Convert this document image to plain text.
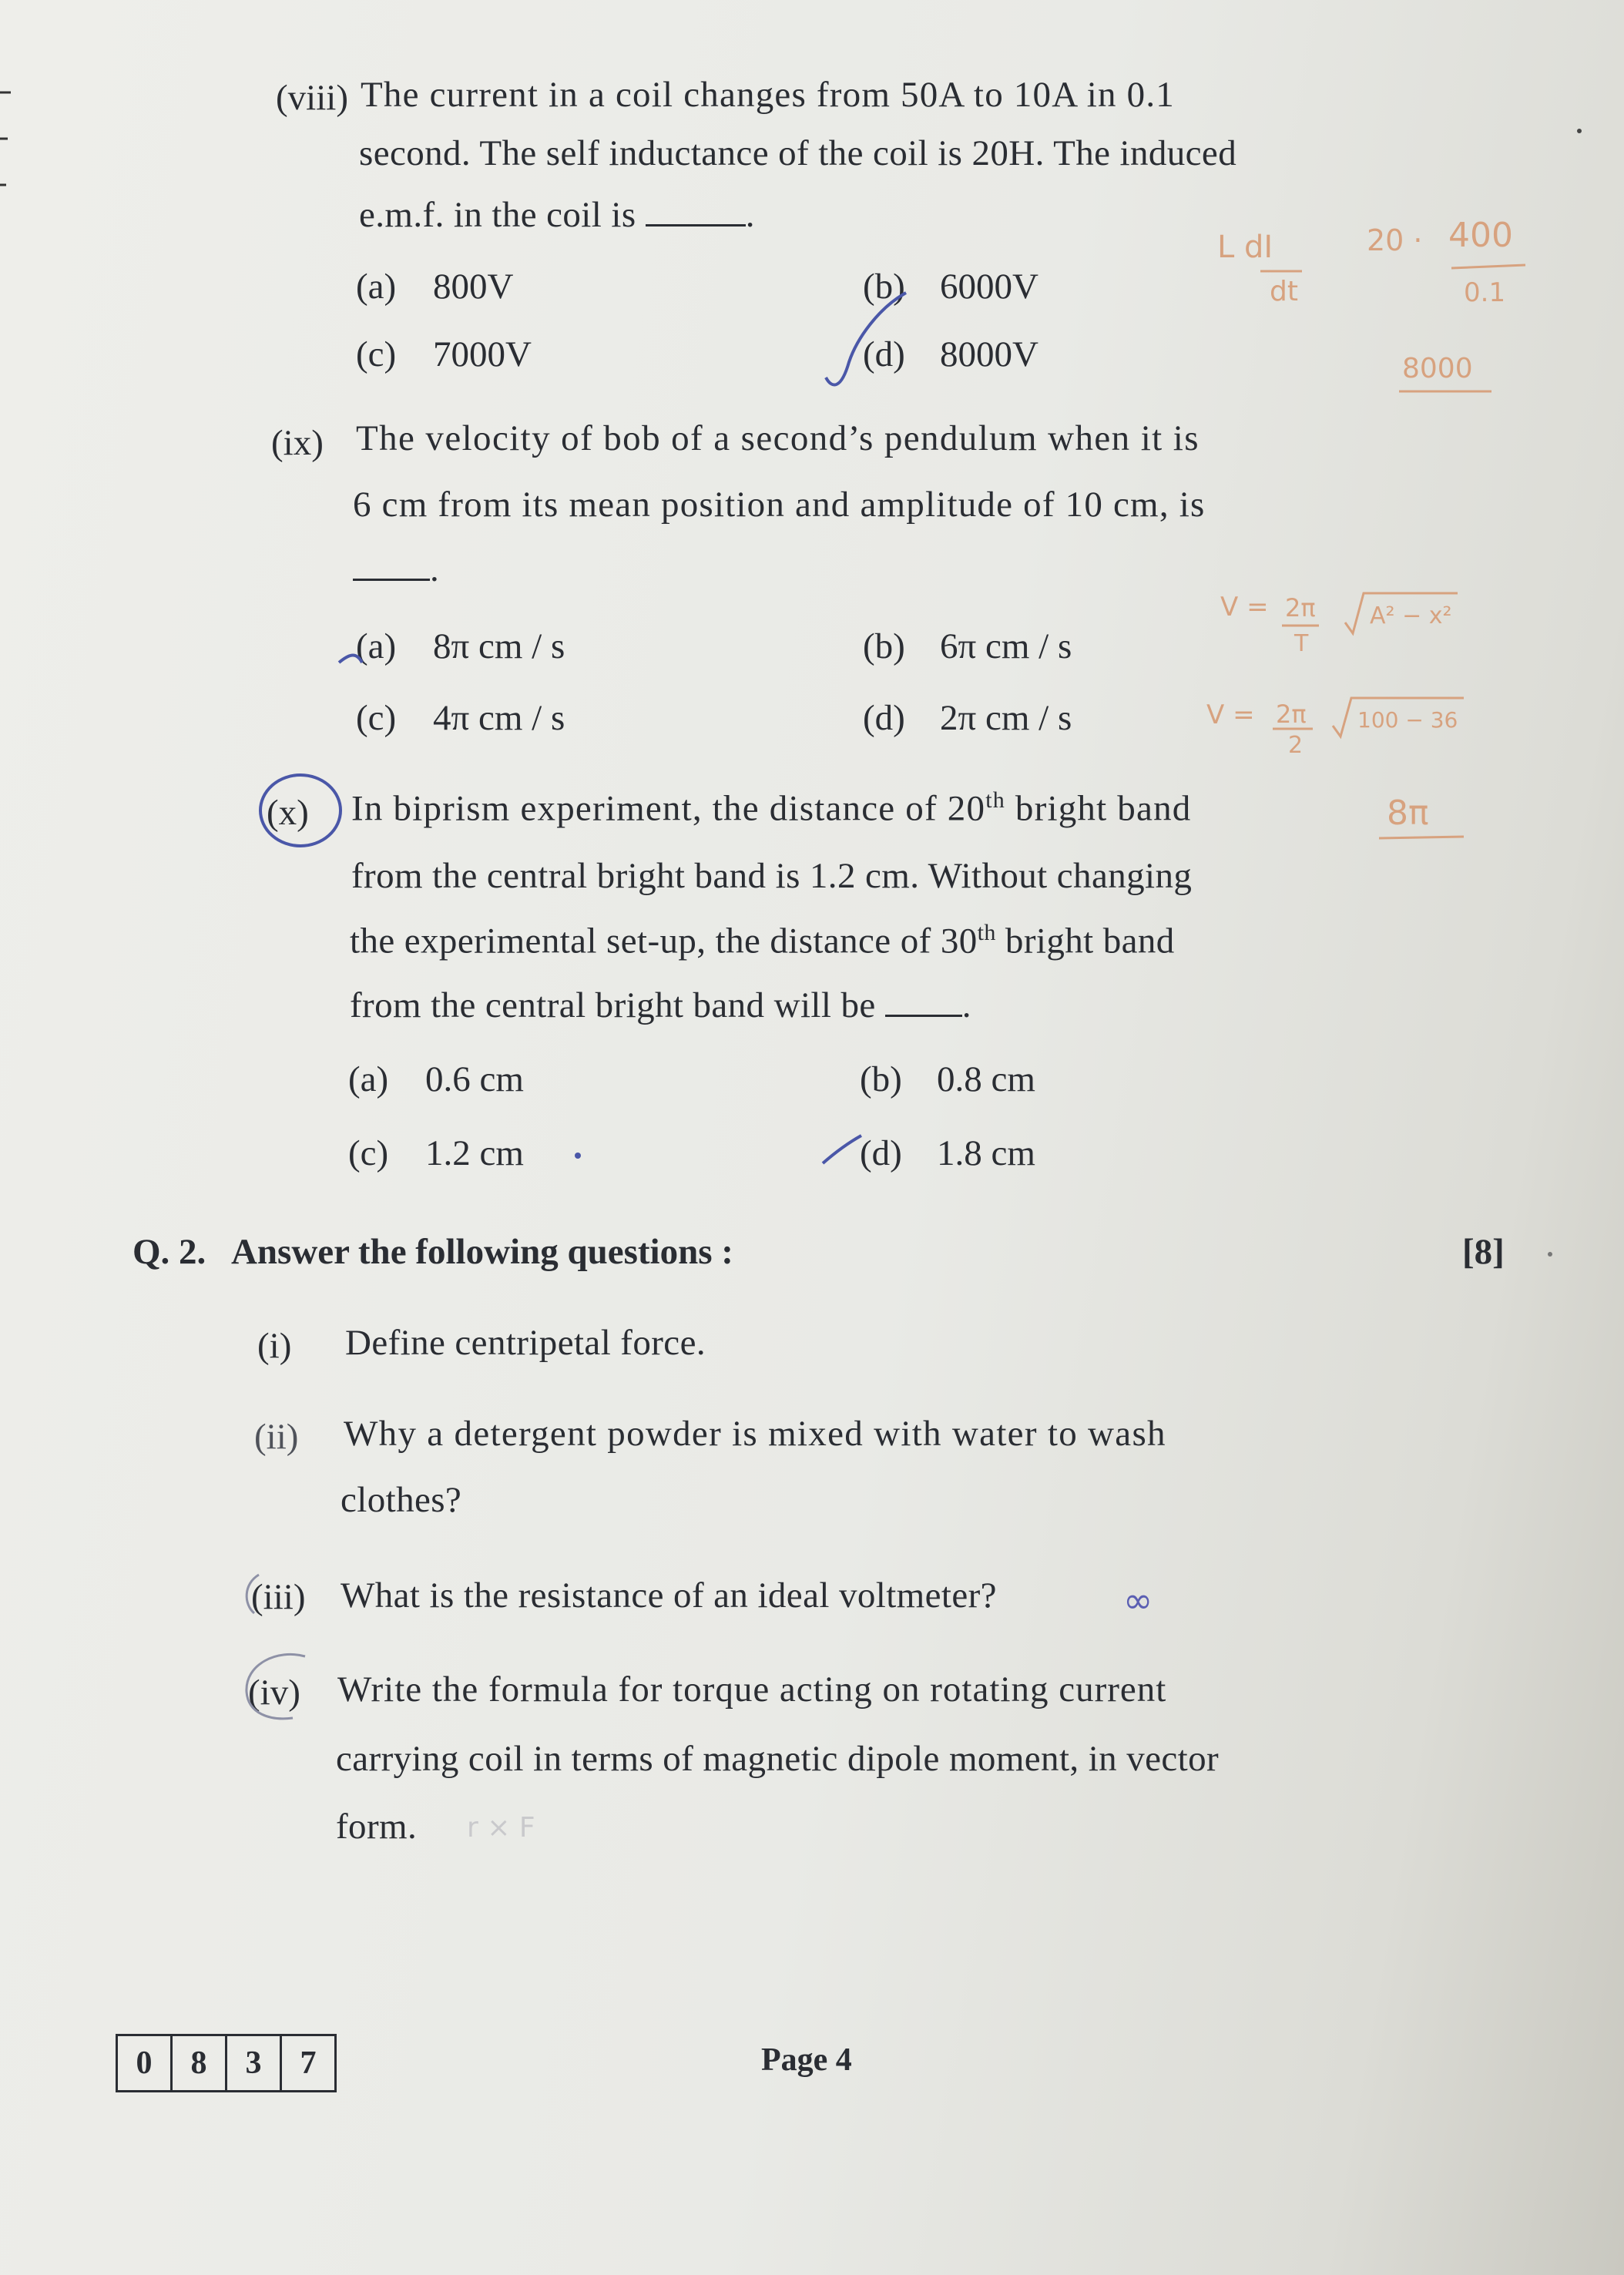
(viii) The current in a coil changes from 50A to 10A in 0.1
second. The self inductance of the coil is 20H. The induced
e.m.f. in the coil is	.
(a) 800V	(b) 6000V
(c) 7000V	(d) 8000V
L dI
dt
20 · 400
0.1
8000
(ix) The velocity of bob of a second’s pendulum when it is
6 cm from its mean position and amplitude of 10 cm, is
.
(a) 8π cm / s	(b) 6π cm / s
(c) 4π cm / s	(d) 2π cm / s
V = 2π
T
A² − x²
V = 2π
2
100 − 36
8π
(x) In biprism experiment, the distance of 20th bright band
from the central bright band is 1.2 cm. Without changing
the experimental set-up, the distance of 30th bright band
from the central bright band will be .
(a) 0.6 cm	(b) 0.8 cm
(c) 1.2 cm	(d) 1.8 cm
Q. 2.   Answer the following questions :	[8]
(i) Define centripetal force.
(ii) Why a detergent powder is mixed with water to wash
clothes?
(iii) What is the resistance of an ideal voltmeter?	∞
(iv) Write the formula for torque acting on rotating current
carrying coil in terms of magnetic dipole moment, in vector
form. r × F
0	8	3	7	Page 4
